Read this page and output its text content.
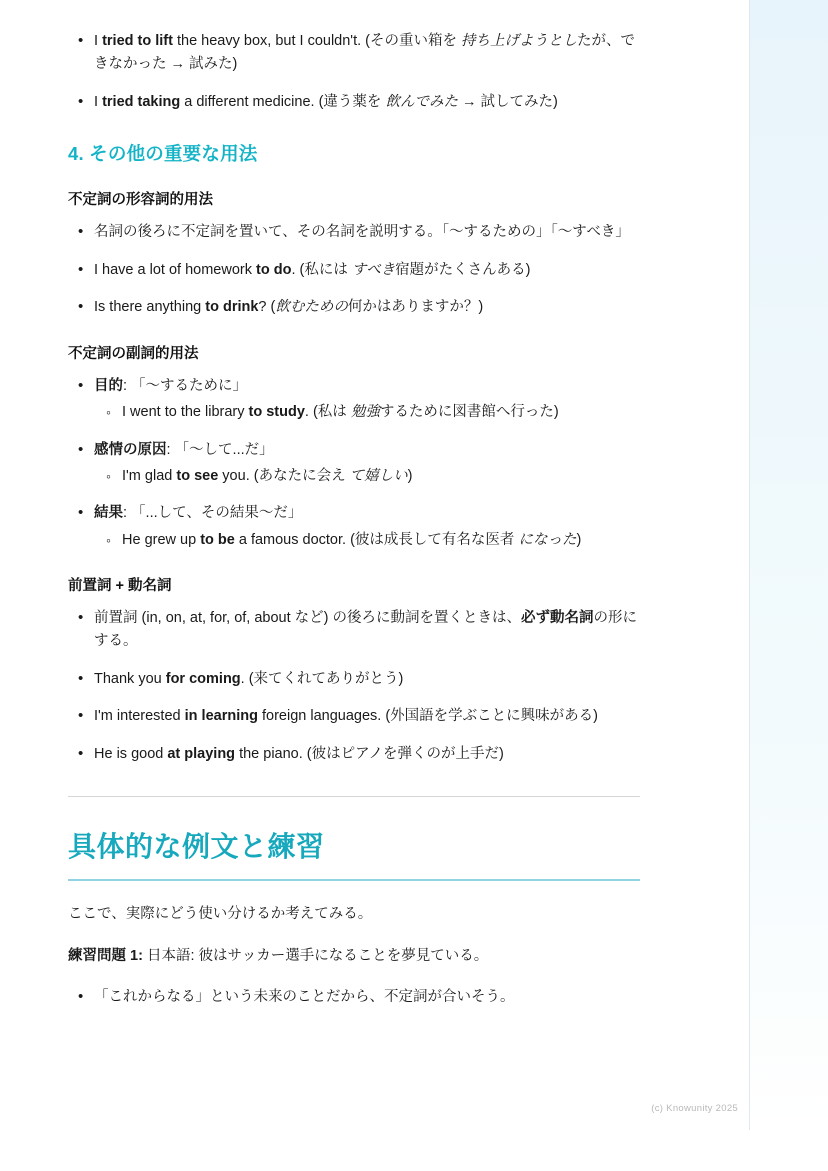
• I tried to lift the heavy box, but I couldn't. (その重い箱を 持ち上げようとしたが、できなかった → 試みた)
• I tried taking a different medicine. (違う薬を 飲んでみた → 試してみた)
4. その他の重要な用法
不定詞の形容詞的用法
• 名詞の後ろに不定詞を置いて、その名詞を説明する。「〜するための」「〜すべき」
• I have a lot of homework to do. (私には すべき宿題がたくさんある)
• Is there anything to drink? (飲むための何かはありますか？)
不定詞の副詞的用法
• 目的: 「〜するために」
◦ I went to the library to study. (私は 勉強するために図書館へ行った)
• 感情の原因: 「〜して...だ」
◦ I'm glad to see you. (あなたに会え て嬉しい)
• 結果: 「...して、その結果〜だ」
◦ He grew up to be a famous doctor. (彼は成長して有名な医者 になった)
前置詞 + 動名詞
• 前置詞 (in, on, at, for, of, about など) の後ろに動詞を置くときは、必ず動名詞の形にする。
• Thank you for coming. (来てくれてありがとう)
• I'm interested in learning foreign languages. (外国語を学ぶことに興味がある)
• He is good at playing the piano. (彼はピアノを弾くのが上手だ)
具体的な例文と練習

ここで、実際にどう使い分けるか考えてみる。

練習問題 1: 日本語: 彼はサッカー選手になることを夢見ている。

• 「これからなる」という未来のことだから、不定詞が合いそう。
(c) Knowunity 2025
